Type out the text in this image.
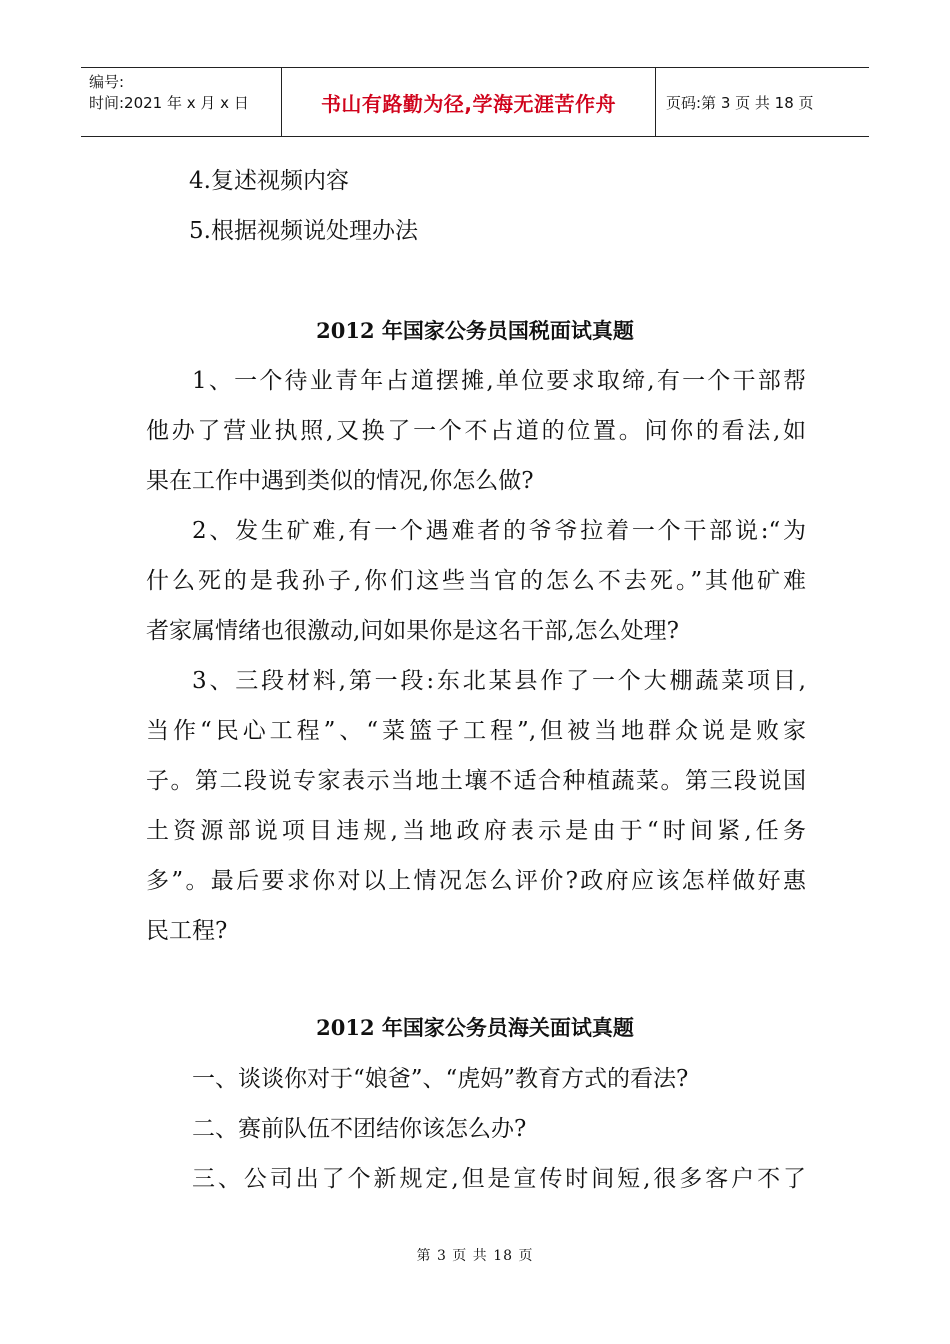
编号:
时间:2021 年 x 月 x 日	书山有路勤为径,学海无涯苦作舟	页码:第 3 页 共 18 页
4.复述视频内容
5.根据视频说处理办法
2012 年国家公务员国税面试真题
1、一个待业青年占道摆摊,单位要求取缔,有一个干部帮
他办了营业执照,又换了一个不占道的位置。问你的看法,如
果在工作中遇到类似的情况,你怎么做?
2、发生矿难,有一个遇难者的爷爷拉着一个干部说:“为
什么死的是我孙子,你们这些当官的怎么不去死。”其他矿难
者家属情绪也很激动,问如果你是这名干部,怎么处理?
3、三段材料,第一段:东北某县作了一个大棚蔬菜项目,
当作“民心工程”、“菜篮子工程”,但被当地群众说是败家
子。第二段说专家表示当地土壤不适合种植蔬菜。第三段说国
土资源部说项目违规,当地政府表示是由于“时间紧,任务
多”。最后要求你对以上情况怎么评价?政府应该怎样做好惠
民工程?
2012 年国家公务员海关面试真题
一、谈谈你对于“娘爸”、“虎妈”教育方式的看法?
二、赛前队伍不团结你该怎么办?
三、公司出了个新规定,但是宣传时间短,很多客户不了
第 3 页 共 18 页
